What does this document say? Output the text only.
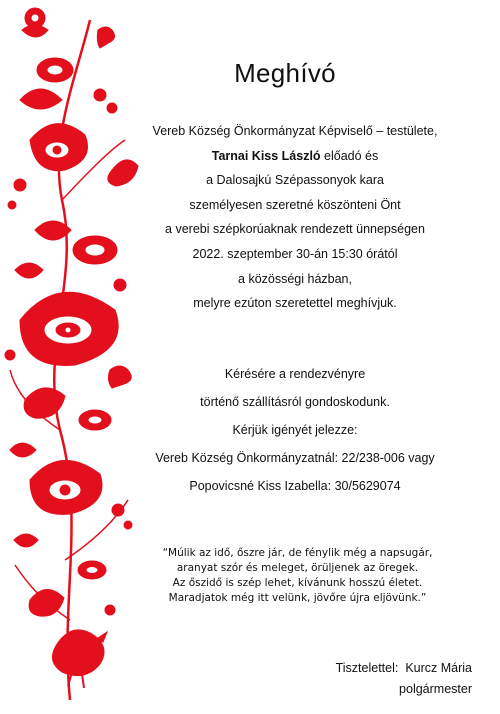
Meghívó
Vereb Község Önkormányzat Képviselő – testülete,
Tarnai Kiss László előadó és
a Dalosajkú Szépassonyok kara
személyesen szeretné köszönteni Önt
a verebi szépkorúaknak rendezett ünnepségen
2022. szeptember 30-án 15:30 órától
a közösségi házban,
melyre ezúton szeretettel meghívjuk.
Kérésére a rendezvényre
történő szállításról gondoskodunk.
Kérjük igényét jelezze:
Vereb Község Önkormányzatnál: 22/238-006 vagy
Popovicsné Kiss Izabella: 30/5629074
“Múlik az idő, őszre jár, de fénylik még a napsugár,
aranyat szór és meleget, örüljenek az öregek.
Az őszidő is szép lehet, kívánunk hosszú életet.
Maradjatok még itt velünk, jövőre újra eljövünk.”
Tisztelettel: Kurcz Mária
polgármester
